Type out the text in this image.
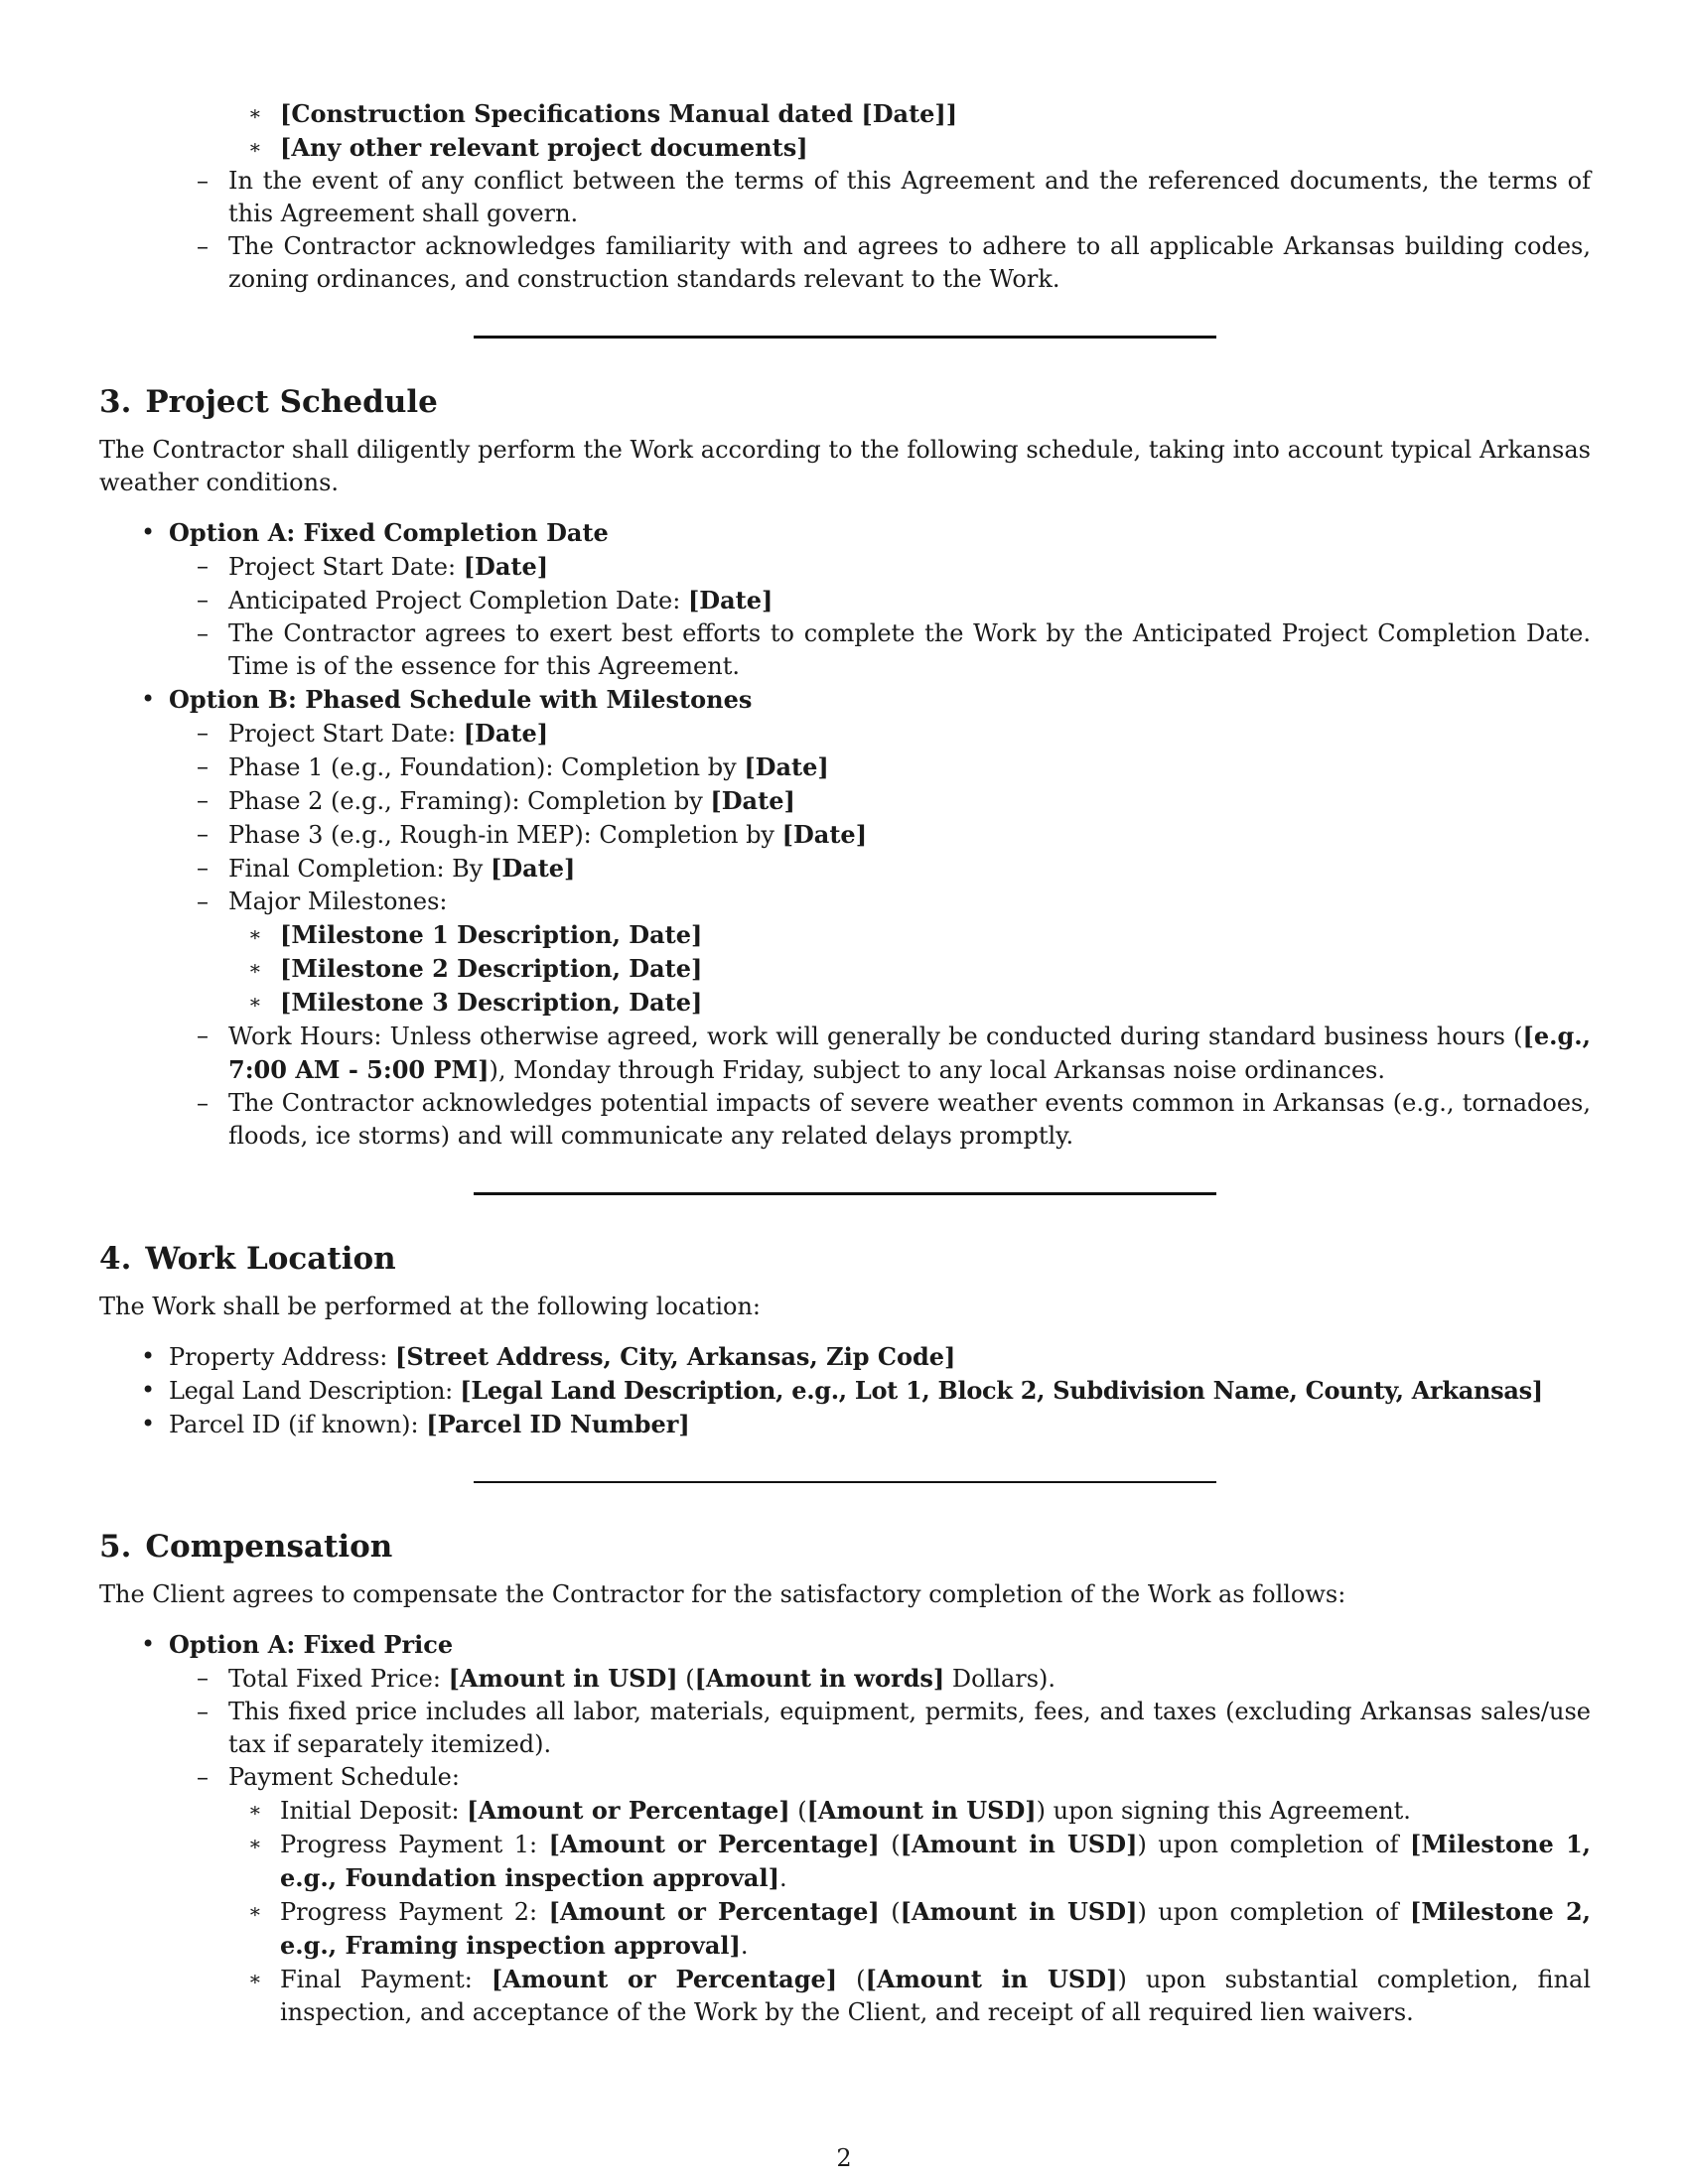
∗ [Construction Specifications Manual dated [Date]]
∗ [Any other relevant project documents]
– In the event of any conflict between the terms of this Agreement and the referenced documents, the terms of this Agreement shall govern.
– The Contractor acknowledges familiarity with and agrees to adhere to all applicable Arkansas building codes, zoning ordinances, and construction standards relevant to the Work.
3. Project Schedule

The Contractor shall diligently perform the Work according to the following schedule, taking into account typical Arkansas weather conditions.

• Option A: Fixed Completion Date
– Project Start Date: [Date]
– Anticipated Project Completion Date: [Date]
– The Contractor agrees to exert best efforts to complete the Work by the Anticipated Project Completion Date. Time is of the essence for this Agreement.
• Option B: Phased Schedule with Milestones
– Project Start Date: [Date]
– Phase 1 (e.g., Foundation): Completion by [Date]
– Phase 2 (e.g., Framing): Completion by [Date]
– Phase 3 (e.g., Rough-in MEP): Completion by [Date]
– Final Completion: By [Date]
– Major Milestones:
∗ [Milestone 1 Description, Date]
∗ [Milestone 2 Description, Date]
∗ [Milestone 3 Description, Date]
– Work Hours: Unless otherwise agreed, work will generally be conducted during standard business hours ([e.g., 7:00 AM - 5:00 PM]), Monday through Friday, subject to any local Arkansas noise ordinances.
– The Contractor acknowledges potential impacts of severe weather events common in Arkansas (e.g., tornadoes, floods, ice storms) and will communicate any related delays promptly.
4. Work Location

The Work shall be performed at the following location:

• Property Address: [Street Address, City, Arkansas, Zip Code]
• Legal Land Description: [Legal Land Description, e.g., Lot 1, Block 2, Subdivision Name, County, Arkansas]
• Parcel ID (if known): [Parcel ID Number]
5. Compensation

The Client agrees to compensate the Contractor for the satisfactory completion of the Work as follows:

• Option A: Fixed Price
– Total Fixed Price: [Amount in USD] ([Amount in words] Dollars).
– This fixed price includes all labor, materials, equipment, permits, fees, and taxes (excluding Arkansas sales/use tax if separately itemized).
– Payment Schedule:
∗ Initial Deposit: [Amount or Percentage] ([Amount in USD]) upon signing this Agreement.
∗ Progress Payment 1: [Amount or Percentage] ([Amount in USD]) upon completion of [Milestone 1, e.g., Foundation inspection approval].
∗ Progress Payment 2: [Amount or Percentage] ([Amount in USD]) upon completion of [Milestone 2, e.g., Framing inspection approval].
∗ Final Payment: [Amount or Percentage] ([Amount in USD]) upon substantial completion, final inspection, and acceptance of the Work by the Client, and receipt of all required lien waivers.
2
